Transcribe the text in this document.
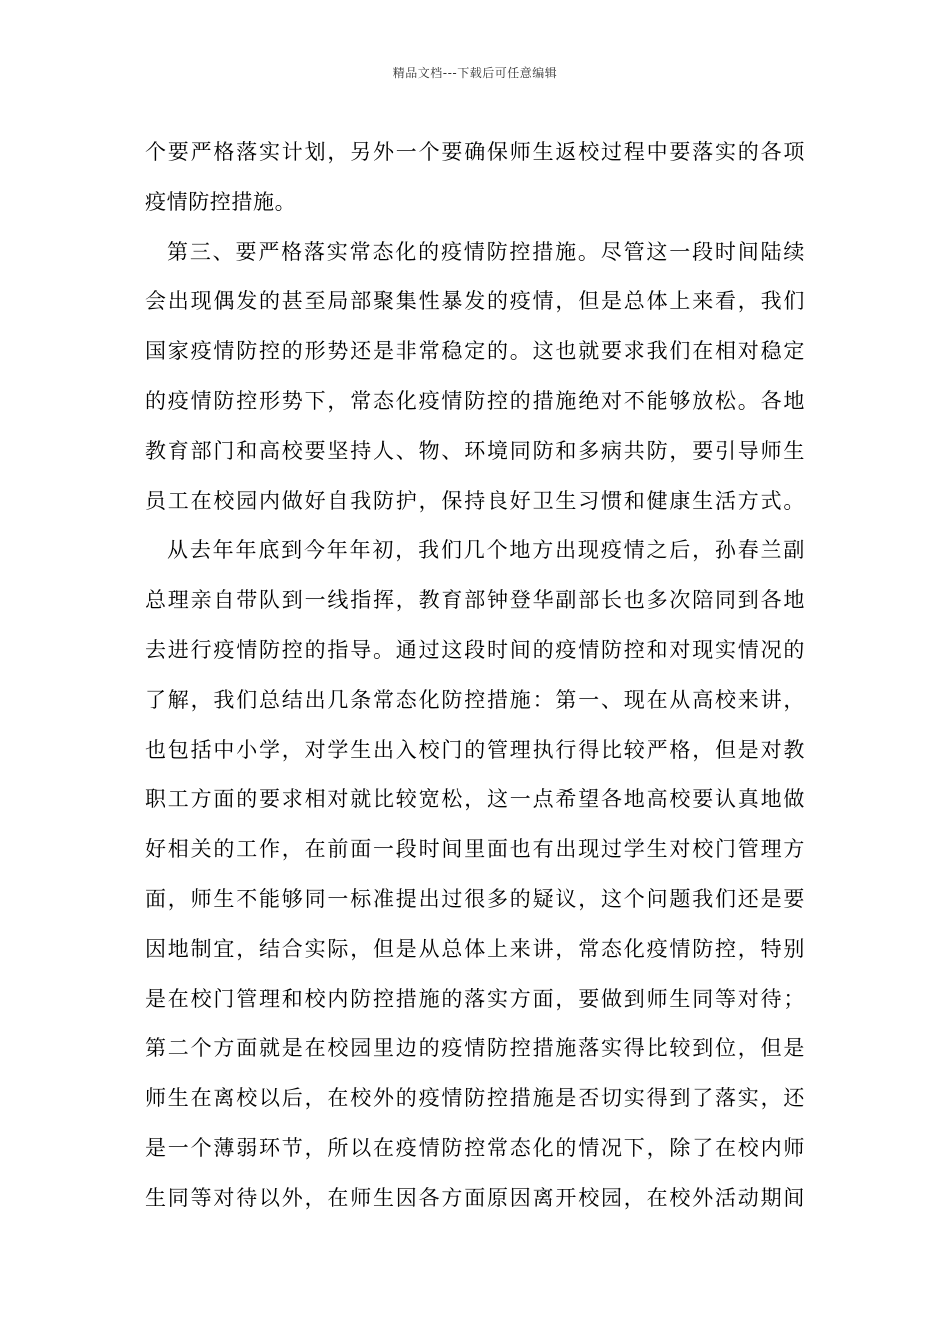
精品文档---下载后可任意编辑
个要严格落实计划，另外一个要确保师生返校过程中要落实的各项
疫情防控措施。
第三、要严格落实常态化的疫情防控措施。尽管这一段时间陆续
会出现偶发的甚至局部聚集性暴发的疫情，但是总体上来看，我们
国家疫情防控的形势还是非常稳定的。这也就要求我们在相对稳定
的疫情防控形势下，常态化疫情防控的措施绝对不能够放松。各地
教育部门和高校要坚持人、物、环境同防和多病共防，要引导师生
员工在校园内做好自我防护，保持良好卫生习惯和健康生活方式。
从去年年底到今年年初，我们几个地方出现疫情之后，孙春兰副
总理亲自带队到一线指挥，教育部钟登华副部长也多次陪同到各地
去进行疫情防控的指导。通过这段时间的疫情防控和对现实情况的
了解，我们总结出几条常态化防控措施：第一、现在从高校来讲，
也包括中小学，对学生出入校门的管理执行得比较严格，但是对教
职工方面的要求相对就比较宽松，这一点希望各地高校要认真地做
好相关的工作，在前面一段时间里面也有出现过学生对校门管理方
面，师生不能够同一标准提出过很多的疑议，这个问题我们还是要
因地制宜，结合实际，但是从总体上来讲，常态化疫情防控，特别
是在校门管理和校内防控措施的落实方面，要做到师生同等对待；
第二个方面就是在校园里边的疫情防控措施落实得比较到位，但是
师生在离校以后，在校外的疫情防控措施是否切实得到了落实，还
是一个薄弱环节，所以在疫情防控常态化的情况下，除了在校内师
生同等对待以外，在师生因各方面原因离开校园，在校外活动期间
